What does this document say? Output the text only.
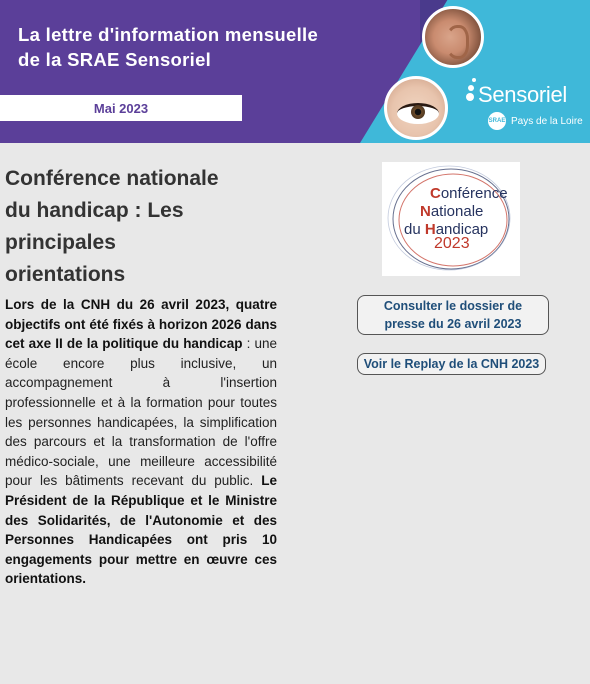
La lettre d'information mensuelle
de la SRAE Sensoriel
Mai 2023
Sensoriel
SRAE Pays de la Loire
Conférence nationale
du handicap : Les
principales
orientations

Lors de la CNH du 26 avril 2023, quatre objectifs ont été fixés à horizon 2026 dans cet axe II de la politique du handicap : une école encore plus inclusive, un accompagnement à l'insertion professionnelle et à la formation pour toutes les personnes handicapées, la simplification des parcours et la transformation de l'offre médico-sociale, une meilleure accessibilité pour les bâtiments recevant du public. Le Président de la République et le Ministre des Solidarités, de l'Autonomie et des Personnes Handicapées ont pris 10 engagements pour mettre en œuvre ces orientations.

Conférence
Nationale
du Handicap
2023
Consulter le dossier de
presse du 26 avril 2023
Voir le Replay de la CNH 2023
